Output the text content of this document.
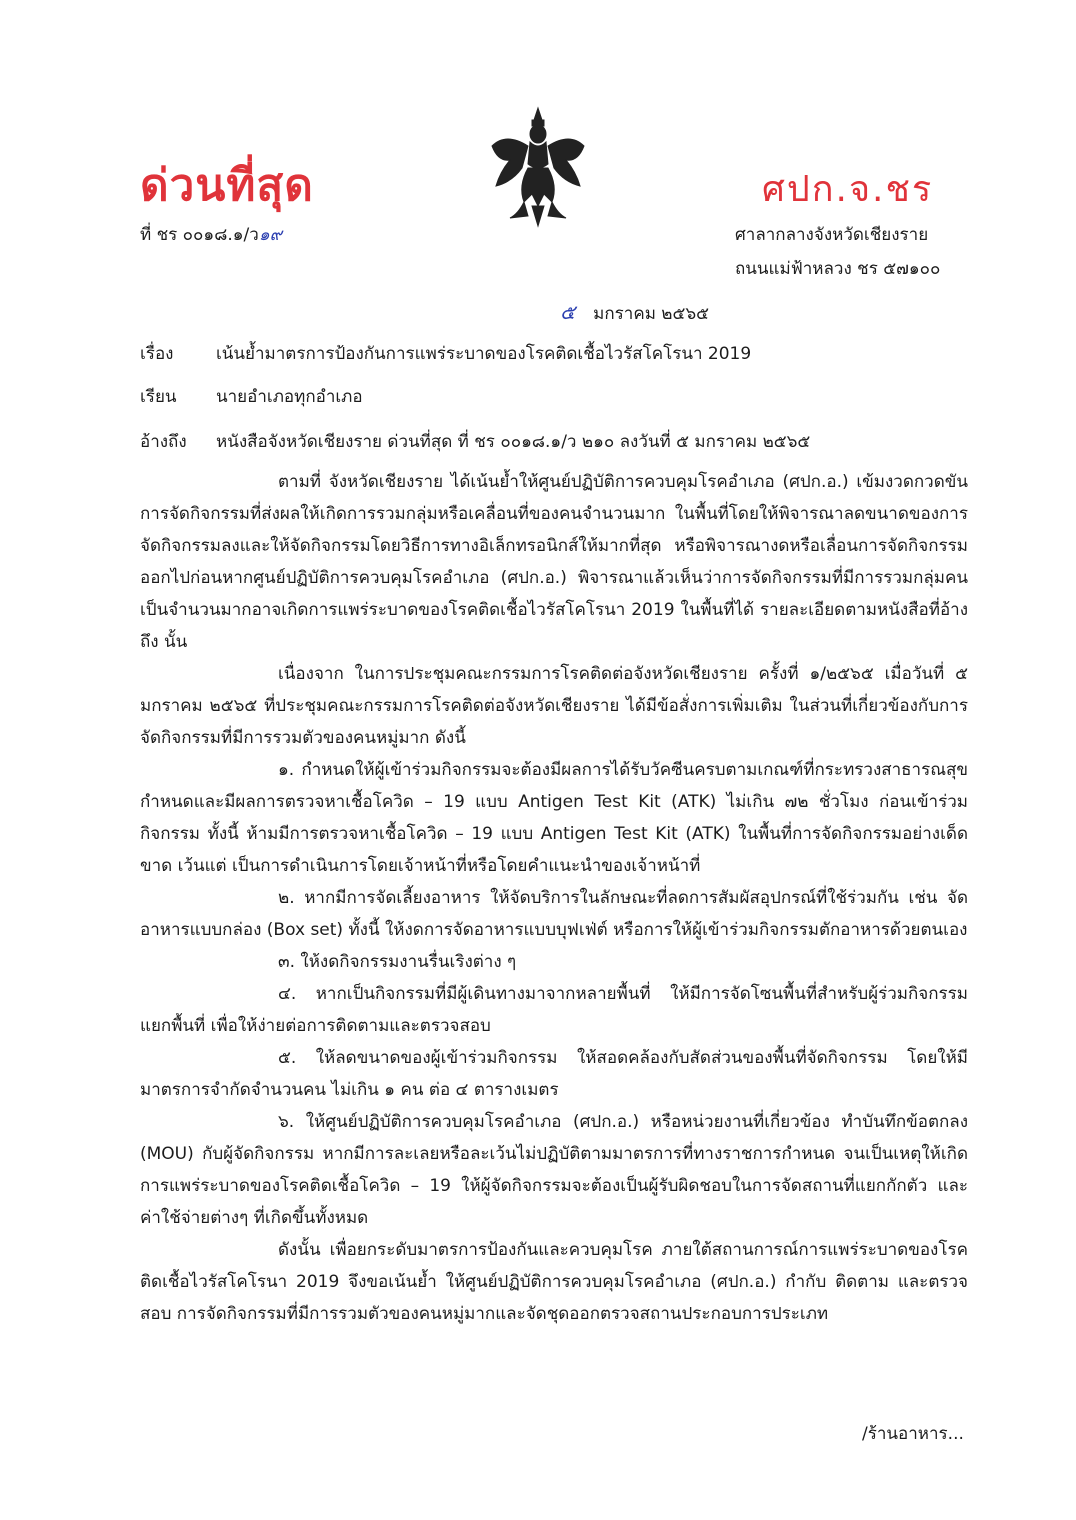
ด่วนที่สุด	ศปก.จ.ชร
ที่ ชร ๐๐๑๘.๑/ว๑๙	ศาลากลางจังหวัดเชียงราย
ถนนแม่ฟ้าหลวง ชร ๕๗๑๐๐
๕ มกราคม ๒๕๖๕
เรื่อง	เน้นย้ำมาตรการป้องกันการแพร่ระบาดของโรคติดเชื้อไวรัสโคโรนา 2019
เรียน นายอำเภอทุกอำเภอ
อ้างถึง หนังสือจังหวัดเชียงราย ด่วนที่สุด ที่ ชร ๐๐๑๘.๑/ว ๒๑๐ ลงวันที่ ๕ มกราคม ๒๕๖๕

ตามที่ จังหวัดเชียงราย ได้เน้นย้ำให้ศูนย์ปฏิบัติการควบคุมโรคอำเภอ (ศปก.อ.) เข้มงวดกวดขันการจัดกิจกรรมที่ส่งผลให้เกิดการรวมกลุ่มหรือเคลื่อนที่ของคนจำนวนมาก ในพื้นที่โดยให้พิจารณาลดขนาดของการจัดกิจกรรมลงและให้จัดกิจกรรมโดยวิธีการทางอิเล็กทรอนิกส์ให้มากที่สุด หรือพิจารณางดหรือเลื่อนการจัดกิจกรรมออกไปก่อนหากศูนย์ปฏิบัติการควบคุมโรคอำเภอ (ศปก.อ.) พิจารณาแล้วเห็นว่าการจัดกิจกรรมที่มีการรวมกลุ่มคนเป็นจำนวนมากอาจเกิดการแพร่ระบาดของโรคติดเชื้อไวรัสโคโรนา 2019 ในพื้นที่ได้ รายละเอียดตามหนังสือที่อ้างถึง นั้น

เนื่องจาก ในการประชุมคณะกรรมการโรคติดต่อจังหวัดเชียงราย ครั้งที่ ๑/๒๕๖๕ เมื่อวันที่ ๕ มกราคม ๒๕๖๕ ที่ประชุมคณะกรรมการโรคติดต่อจังหวัดเชียงราย ได้มีข้อสั่งการเพิ่มเติม ในส่วนที่เกี่ยวข้องกับการจัดกิจกรรมที่มีการรวมตัวของคนหมู่มาก ดังนี้

๑. กำหนดให้ผู้เข้าร่วมกิจกรรมจะต้องมีผลการได้รับวัคซีนครบตามเกณฑ์ที่กระทรวงสาธารณสุขกำหนดและมีผลการตรวจหาเชื้อโควิด – 19 แบบ Antigen Test Kit (ATK) ไม่เกิน ๗๒ ชั่วโมง ก่อนเข้าร่วมกิจกรรม ทั้งนี้ ห้ามมีการตรวจหาเชื้อโควิด – 19 แบบ Antigen Test Kit (ATK) ในพื้นที่การจัดกิจกรรมอย่างเด็ดขาด เว้นแต่ เป็นการดำเนินการโดยเจ้าหน้าที่หรือโดยคำแนะนำของเจ้าหน้าที่

๒. หากมีการจัดเลี้ยงอาหาร ให้จัดบริการในลักษณะที่ลดการสัมผัสอุปกรณ์ที่ใช้ร่วมกัน เช่น จัดอาหารแบบกล่อง (Box set) ทั้งนี้ ให้งดการจัดอาหารแบบบุฟเฟ่ต์ หรือการให้ผู้เข้าร่วมกิจกรรมตักอาหารด้วยตนเอง

๓. ให้งดกิจกรรมงานรื่นเริงต่าง ๆ

๔. หากเป็นกิจกรรมที่มีผู้เดินทางมาจากหลายพื้นที่ ให้มีการจัดโซนพื้นที่สำหรับผู้ร่วมกิจกรรม แยกพื้นที่ เพื่อให้ง่ายต่อการติดตามและตรวจสอบ

๕. ให้ลดขนาดของผู้เข้าร่วมกิจกรรม ให้สอดคล้องกับสัดส่วนของพื้นที่จัดกิจกรรม โดยให้มีมาตรการจำกัดจำนวนคน ไม่เกิน ๑ คน ต่อ ๔ ตารางเมตร

๖. ให้ศูนย์ปฏิบัติการควบคุมโรคอำเภอ (ศปก.อ.) หรือหน่วยงานที่เกี่ยวข้อง ทำบันทึกข้อตกลง (MOU) กับผู้จัดกิจกรรม หากมีการละเลยหรือละเว้นไม่ปฏิบัติตามมาตรการที่ทางราชการกำหนด จนเป็นเหตุให้เกิดการแพร่ระบาดของโรคติดเชื้อโควิด – 19 ให้ผู้จัดกิจกรรมจะต้องเป็นผู้รับผิดชอบในการจัดสถานที่แยกกักตัว และค่าใช้จ่ายต่างๆ ที่เกิดขึ้นทั้งหมด

ดังนั้น เพื่อยกระดับมาตรการป้องกันและควบคุมโรค ภายใต้สถานการณ์การแพร่ระบาดของโรคติดเชื้อไวรัสโคโรนา 2019 จึงขอเน้นย้ำ ให้ศูนย์ปฏิบัติการควบคุมโรคอำเภอ (ศปก.อ.) กำกับ ติดตาม และตรวจสอบ การจัดกิจกรรมที่มีการรวมตัวของคนหมู่มากและจัดชุดออกตรวจสถานประกอบการประเภท

/ร้านอาหาร...
